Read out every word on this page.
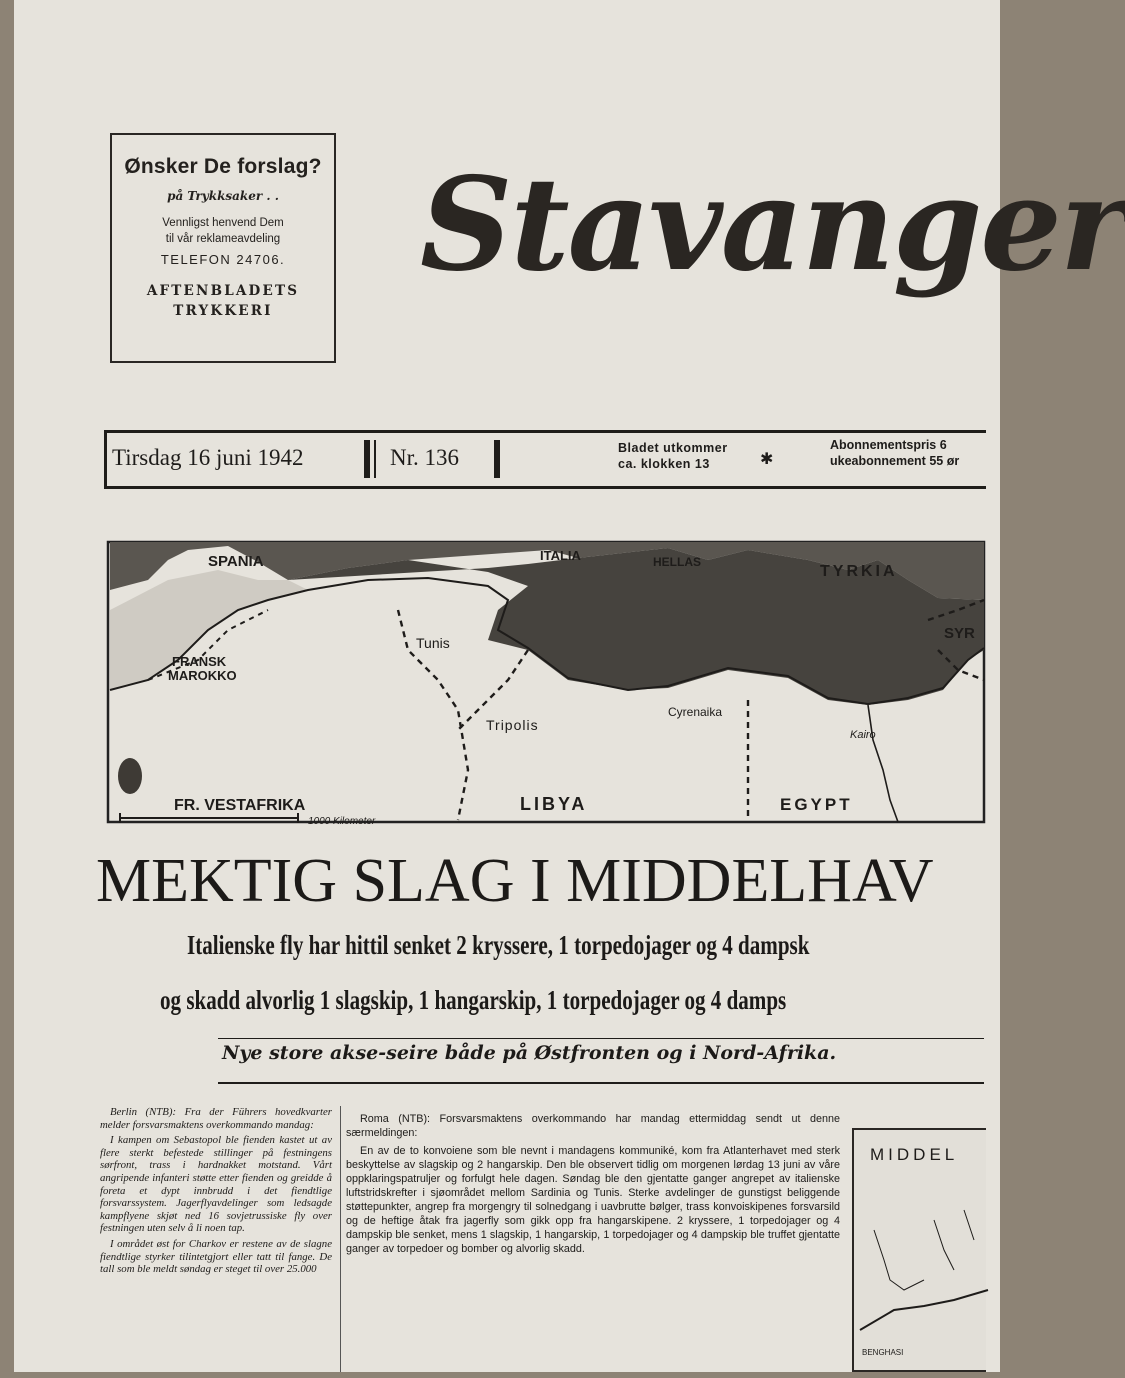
Ønsker De forslag?
på Trykksaker . .
Vennligst henvend Dem
til vår reklameavdeling
TELEFON 24706.
AFTENBLADETS
TRYKKERI
Stavanger
Tirsdag 16 juni 1942	Nr. 136	Bladet utkommer
ca. klokken 13	✱
Abonnementspris 6
ukeabonnement 55 ør
SPANIA	ITALIA	HELLAS
TYRKIA
SYR
FRANSK
MAROKKO
Tunis
Tripolis
Cyrenaika
LIBYA	EGYPT
FR. VESTAFRIKA
Kairo
1000 Kilometer
MEKTIG SLAG I MIDDELHAV
Italienske fly har hittil senket 2 kryssere, 1 torpedojager og 4 dampsk
og skadd alvorlig 1 slagskip, 1 hangarskip, 1 torpedojager og 4 damps
Nye store akse-seire både på Østfronten og i Nord-Afrika.

Berlin (NTB): Fra der Führers hovedkvarter melder forsvarsmaktens overkommando mandag:

I kampen om Sebastopol ble fienden kastet ut av flere sterkt befestede stillinger på festningens sørfront, trass i hardnakket motstand. Vårt angripende infanteri støtte etter fienden og greidde å foreta et dypt innbrudd i det fiendtlige forsvarssystem. Jagerflyavdelinger som ledsagde kampflyene skjøt ned 16 sovjetrussiske fly over festningen uten selv å li noen tap.

I området øst for Charkov er restene av de slagne fiendtlige styrker tilintetgjort eller tatt til fange. De tall som ble meldt søndag er steget til over 25.000

Roma (NTB): Forsvarsmaktens overkommando har mandag ettermiddag sendt ut denne særmeldingen:

En av de to konvoiene som ble nevnt i mandagens kommuniké, kom fra Atlanterhavet med sterk beskyttelse av slagskip og 2 hangarskip. Den ble observert tidlig om morgenen lørdag 13 juni av våre oppklaringspatruljer og forfulgt hele dagen. Søndag ble den gjentatte ganger angrepet av italienske luftstridskrefter i sjøområdet mellom Sardinia og Tunis. Sterke avdelinger de gunstigst beliggende støttepunkter, angrep fra morgengry til solnedgang i uavbrutte bølger, trass konvoiskipenes forsvarsild og de heftige åtak fra jagerfly som gikk opp fra hangarskipene. 2 kryssere, 1 torpedojager og 4 dampskip ble senket, mens 1 slagskip, 1 hangarskip, 1 torpedojager og 4 dampskip ble truffet gjentatte ganger av torpedoer og bomber og alvorlig skadd.

MIDDEL
BENGHASI
